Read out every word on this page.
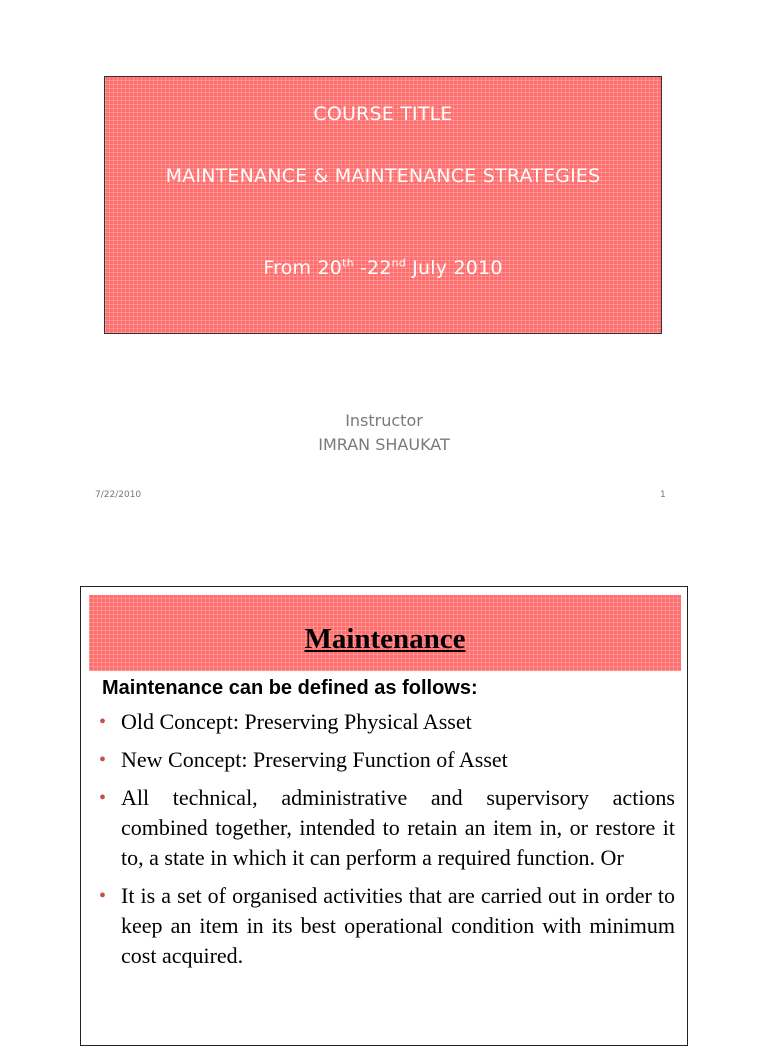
COURSE TITLE
MAINTENANCE & MAINTENANCE STRATEGIES
From 20th -22nd July 2010
Instructor
IMRAN SHAUKAT
7/22/2010	1
Maintenance
Maintenance can be defined as follows:
• Old Concept: Preserving Physical Asset
• New Concept: Preserving Function of Asset
• All technical, administrative and supervisory actions combined together, intended to retain an item in, or restore it to, a state in which it can perform a required function. Or
• It is a set of organised activities that are carried out in order to keep an item in its best operational condition with minimum cost acquired.
